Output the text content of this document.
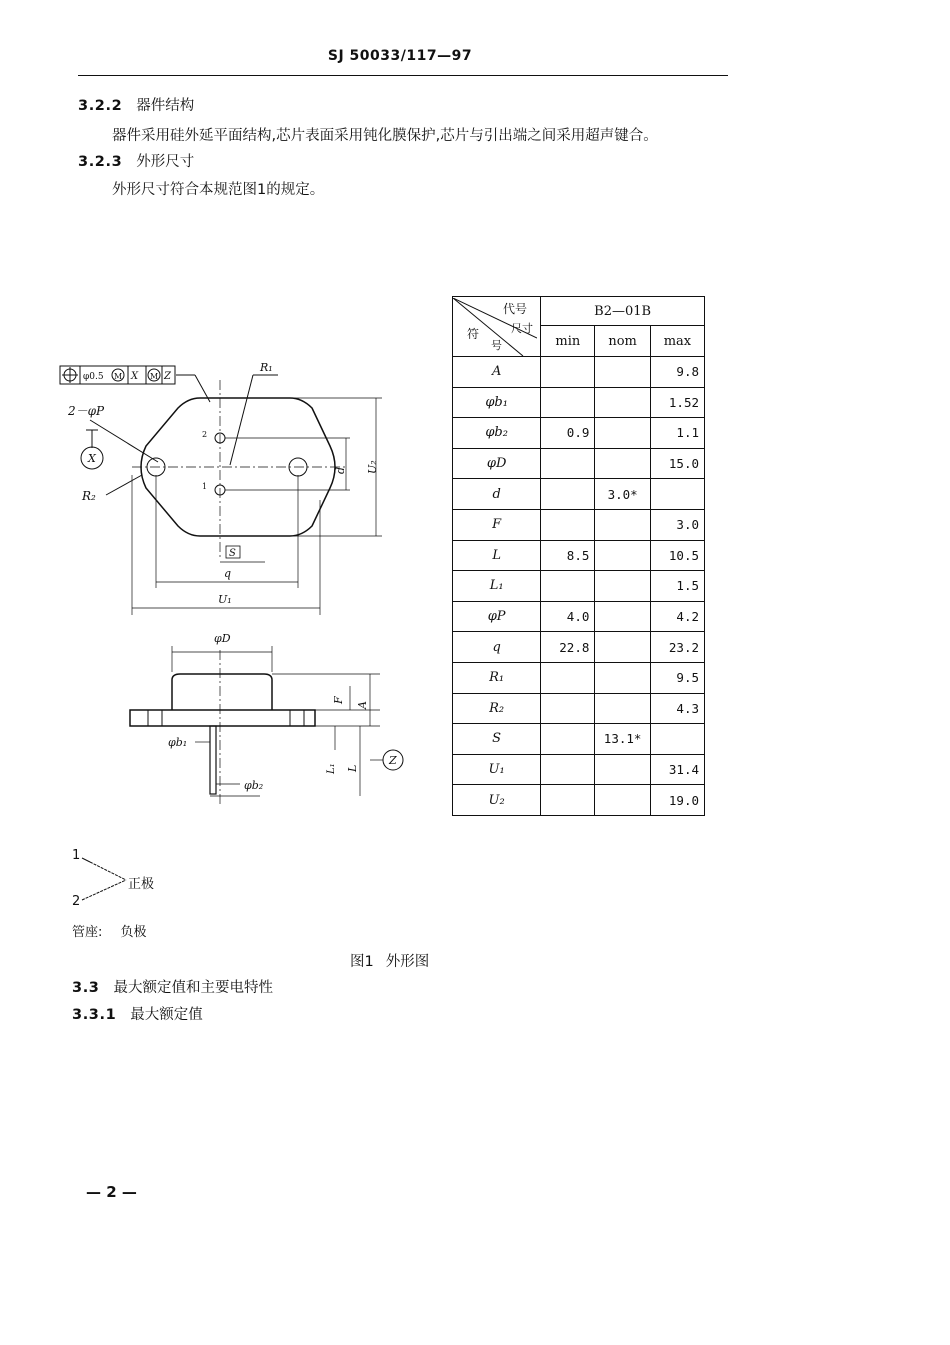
SJ 50033/117—97
3.2.2 器件结构
器件采用硅外延平面结构,芯片表面采用钝化膜保护,芯片与引出端之间采用超声键合。
3.2.3 外形尺寸
外形尺寸符合本规范图1的规定。
φ0.5 M X M Z
R₁
2－φP
X
R₂
2
1
d U₂
S
q
U₁
φD
F
A
L
L₁
Z
φb₁
φb₂
代号
尺寸
符
号	B2—01B		
	min	nom	max
A			9.8
φb₁			1.52
φb₂	0.9		1.1
φD			15.0
d		3.0*	
F			3.0
L	8.5		10.5
L₁			1.5
φP	4.0		4.2
q	22.8		23.2
R₁			9.5
R₂			4.3
S		13.1*	
U₁			31.4
U₂			19.0
1
2
正极
管座: 负极
图1 外形图
3.3 最大额定值和主要电特性
3.3.1 最大额定值
— 2 —
